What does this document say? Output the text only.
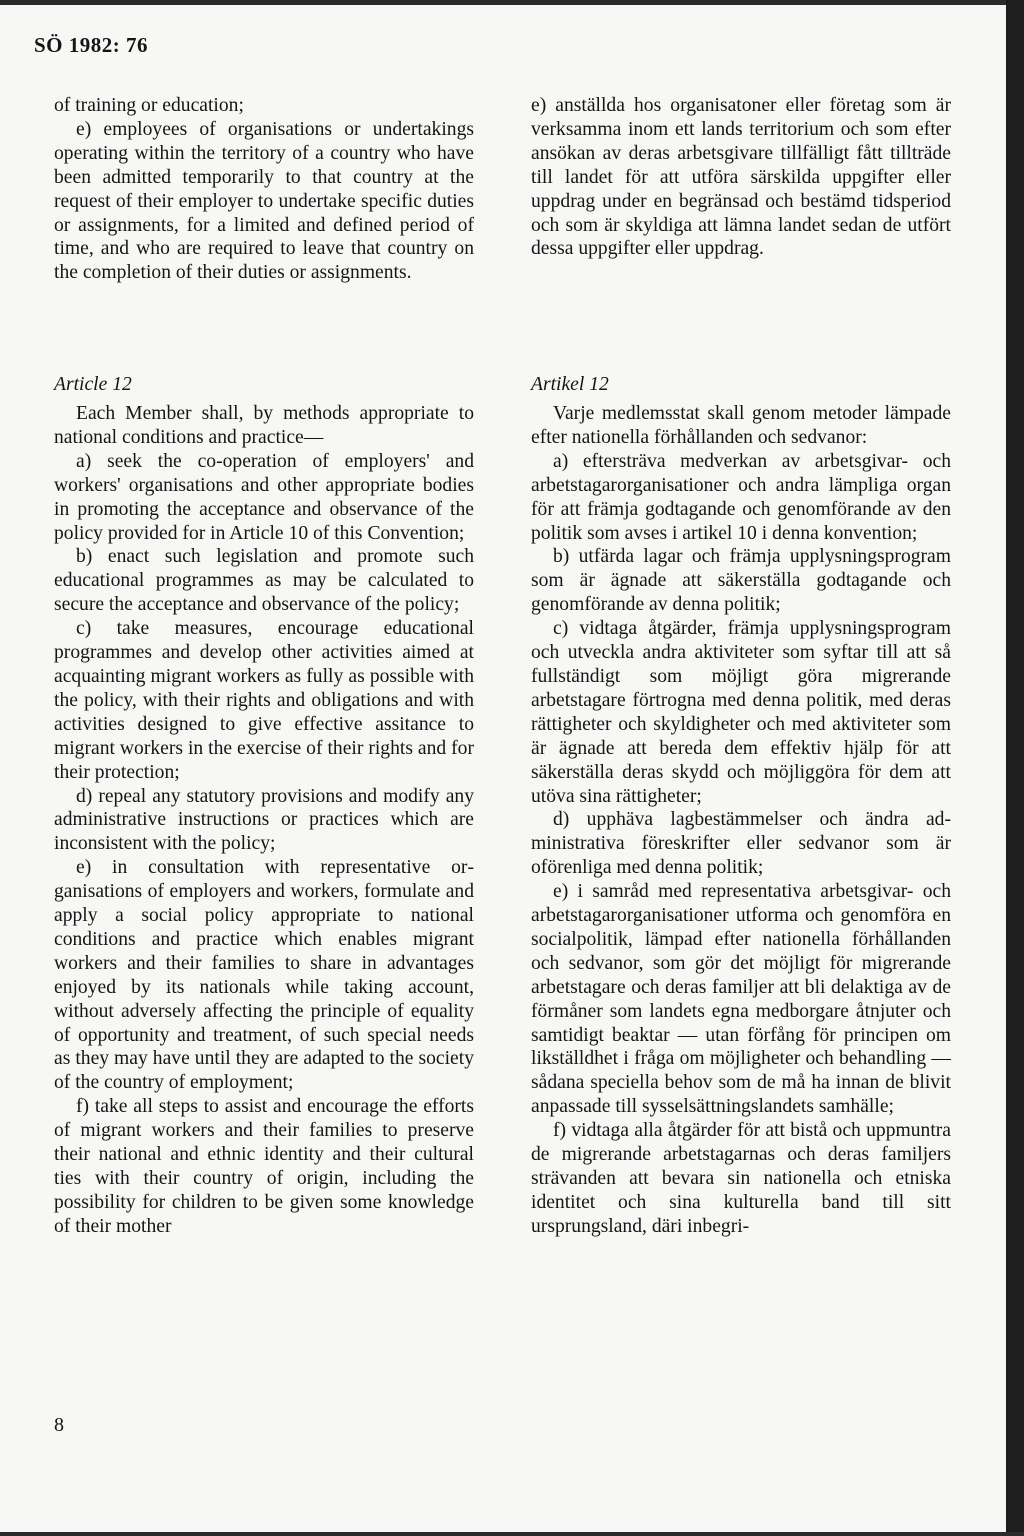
SÖ 1982: 76

of training or education;

e) employees of organisations or undertakings operating within the territory of a country who have been admitted temporarily to that country at the request of their employer to undertake specific duties or assignments, for a limited and defined period of time, and who are required to leave that country on the completion of their duties or assignments.

e) anställda hos organisatoner eller företag som är verksamma inom ett lands territorium och som efter ansökan av deras arbetsgivare tillfälligt fått tillträde till landet för att utföra särskilda uppgifter eller uppdrag under en begränsad och bestämd tidsperiod och som är skyldiga att lämna landet sedan de utfört dessa uppgifter eller uppdrag.

Article 12	Artikel 12

Each Member shall, by methods appropriate to national conditions and practice—

a) seek the co-operation of employers' and workers' organisations and other appropriate bodies in promoting the acceptance and observance of the policy provided for in Article 10 of this Convention;

b) enact such legislation and promote such educational programmes as may be calculated to secure the acceptance and observance of the policy;

c) take measures, encourage educational programmes and develop other activities aimed at acquainting migrant workers as fully as possible with the policy, with their rights and obligations and with activities designed to give effective assitance to migrant workers in the exercise of their rights and for their protection;

d) repeal any statutory provisions and modify any administrative instructions or practices which are inconsistent with the policy;

e) in consultation with representative organisations of employers and workers, formulate and apply a social policy appropriate to national conditions and practice which enables migrant workers and their families to share in advantages enjoyed by its nationals while taking account, without adversely affecting the principle of equality of opportunity and treatment, of such special needs as they may have until they are adapted to the society of the country of employment;

f) take all steps to assist and encourage the efforts of migrant workers and their families to preserve their national and ethnic identity and their cultural ties with their country of origin, including the possibility for children to be given some knowledge of their mother

Varje medlemsstat skall genom metoder lämpade efter nationella förhållanden och sedvanor:

a) eftersträva medverkan av arbetsgivar- och arbetstagarorganisationer och andra lämpliga organ för att främja godtagande och genomförande av den politik som avses i artikel 10 i denna konvention;

b) utfärda lagar och främja upplysningsprogram som är ägnade att säkerställa godtagande och genomförande av denna politik;

c) vidtaga åtgärder, främja upplysningsprogram och utveckla andra aktiviteter som syftar till att så fullständigt som möjligt göra migrerande arbetstagare förtrogna med denna politik, med deras rättigheter och skyldigheter och med aktiviteter som är ägnade att bereda dem effektiv hjälp för att säkerställa deras skydd och möjliggöra för dem att utöva sina rättigheter;

d) upphäva lagbestämmelser och ändra administrativa föreskrifter eller sedvanor som är oförenliga med denna politik;

e) i samråd med representativa arbetsgivar- och arbetstagarorganisationer utforma och genomföra en socialpolitik, lämpad efter nationella förhållanden och sedvanor, som gör det möjligt för migrerande arbetstagare och deras familjer att bli delaktiga av de förmåner som landets egna medborgare åtnjuter och samtidigt beaktar — utan förfång för principen om likställdhet i fråga om möjligheter och behandling — sådana speciella behov som de må ha innan de blivit anpassade till sysselsättningslandets samhälle;

f) vidtaga alla åtgärder för att bistå och uppmuntra de migrerande arbetstagarnas och deras familjers strävanden att bevara sin nationella och etniska identitet och sina kulturella band till sitt ursprungsland, däri inbegri-

8
